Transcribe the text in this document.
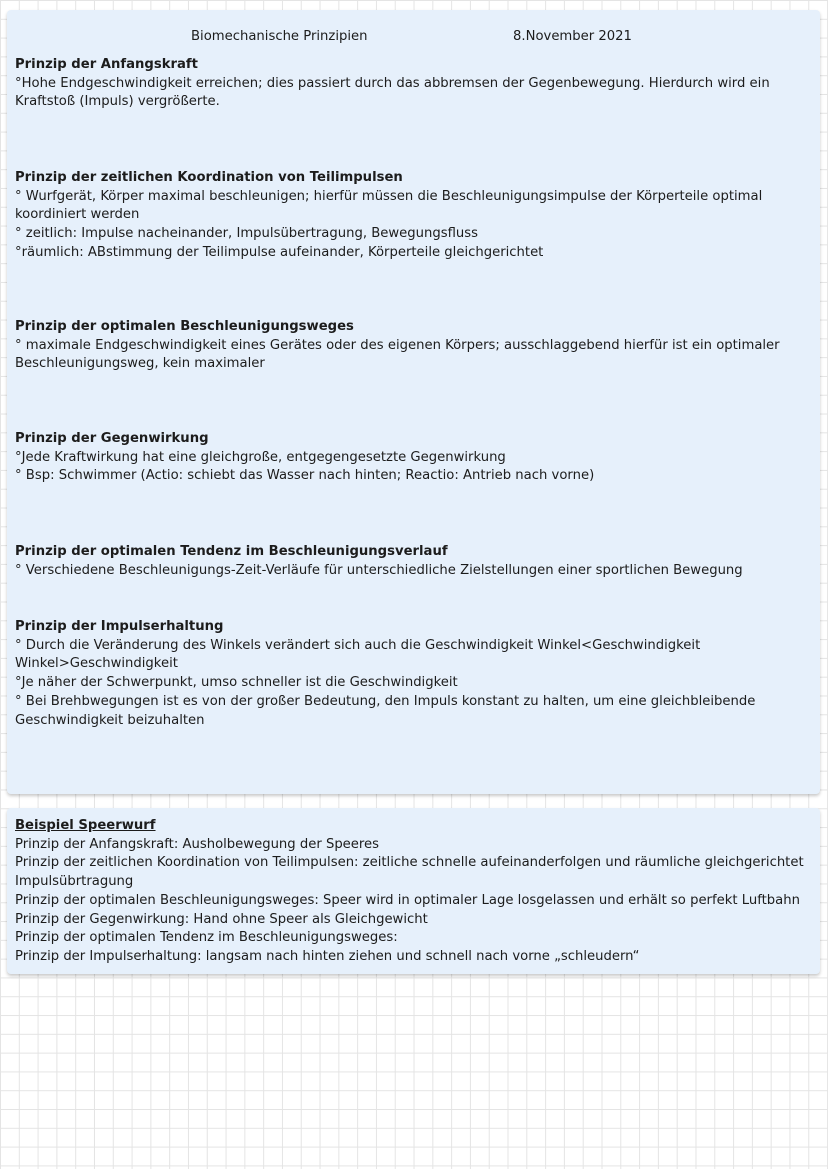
Biomechanische Prinzipien	8.November 2021

Prinzip der Anfangskraft

°Hohe Endgeschwindigkeit erreichen; dies passiert durch das abbremsen der Gegenbewegung. Hierdurch wird ein

Kraftstoß (Impuls) vergrößerte.

Prinzip der zeitlichen Koordination von Teilimpulsen

° Wurfgerät, Körper maximal beschleunigen; hierfür müssen die Beschleunigungsimpulse der Körperteile optimal

koordiniert werden

° zeitlich: Impulse nacheinander, Impulsübertragung, Bewegungsfluss

°räumlich: ABstimmung der Teilimpulse aufeinander, Körperteile gleichgerichtet

Prinzip der optimalen Beschleunigungsweges

° maximale Endgeschwindigkeit eines Gerätes oder des eigenen Körpers; ausschlaggebend hierfür ist ein optimaler

Beschleunigungsweg, kein maximaler

Prinzip der Gegenwirkung

°Jede Kraftwirkung hat eine gleichgroße, entgegengesetzte Gegenwirkung

° Bsp: Schwimmer (Actio: schiebt das Wasser nach hinten; Reactio: Antrieb nach vorne)

Prinzip der optimalen Tendenz im Beschleunigungsverlauf

° Verschiedene Beschleunigungs-Zeit-Verläufe für unterschiedliche Zielstellungen einer sportlichen Bewegung

Prinzip der Impulserhaltung

° Durch die Veränderung des Winkels verändert sich auch die Geschwindigkeit Winkel<Geschwindigkeit

Winkel>Geschwindigkeit

°Je näher der Schwerpunkt, umso schneller ist die Geschwindigkeit

° Bei Brehbwegungen ist es von der großer Bedeutung, den Impuls konstant zu halten, um eine gleichbleibende

Geschwindigkeit beizuhalten

Beispiel Speerwurf

Prinzip der Anfangskraft: Ausholbewegung der Speeres

Prinzip der zeitlichen Koordination von Teilimpulsen: zeitliche schnelle aufeinanderfolgen und räumliche gleichgerichtet

Impulsübrtragung

Prinzip der optimalen Beschleunigungsweges: Speer wird in optimaler Lage losgelassen und erhält so perfekt Luftbahn

Prinzip der Gegenwirkung: Hand ohne Speer als Gleichgewicht

Prinzip der optimalen Tendenz im Beschleunigungsweges:

Prinzip der Impulserhaltung: langsam nach hinten ziehen und schnell nach vorne „schleudern“
